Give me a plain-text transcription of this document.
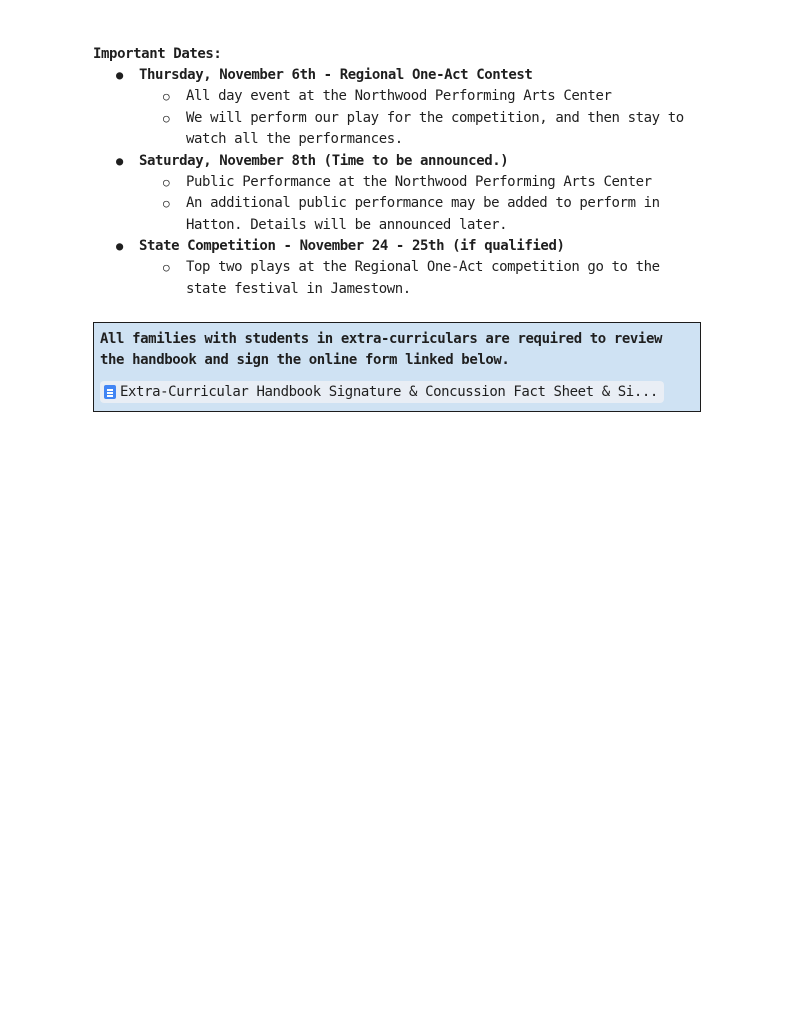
Important Dates:

● Thursday, November 6th - Regional One-Act Contest
○ All day event at the Northwood Performing Arts Center
○ We will perform our play for the competition, and then stay to watch all the performances.
● Saturday, November 8th (Time to be announced.)
○ Public Performance at the Northwood Performing Arts Center
○ An additional public performance may be added to perform in Hatton. Details will be announced later.
● State Competition - November 24 - 25th (if qualified)
○ Top two plays at the Regional One-Act competition go to the state festival in Jamestown.

All families with students in extra-curriculars are required to review the handbook and sign the online form linked below.

Extra-Curricular Handbook Signature & Concussion Fact Sheet & Si...
